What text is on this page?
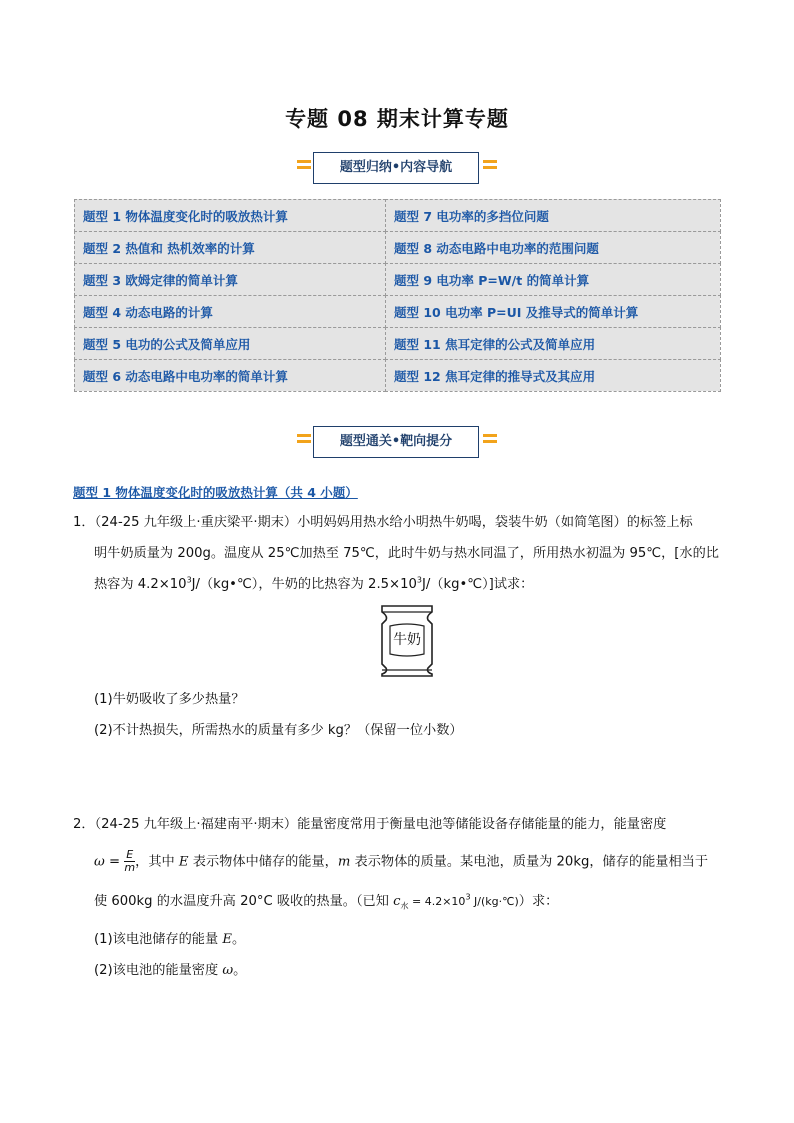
专题 08 期末计算专题
题型归纳•内容导航
题型 1 物体温度变化时的吸放热计算	题型 7 电功率的多挡位问题
题型 2 热值和 热机效率的计算	题型 8 动态电路中电功率的范围问题
题型 3 欧姆定律的简单计算	题型 9 电功率 P=W/t 的简单计算
题型 4 动态电路的计算	题型 10 电功率 P=UI 及推导式的简单计算
题型 5 电功的公式及简单应用	题型 11 焦耳定律的公式及简单应用
题型 6 动态电路中电功率的简单计算	题型 12 焦耳定律的推导式及其应用
题型通关•靶向提分
题型 1 物体温度变化时的吸放热计算（共 4 小题）
1．（24-25 九年级上·重庆梁平·期末）小明妈妈用热水给小明热牛奶喝，袋装牛奶（如简笔图）的标签上标
明牛奶质量为 200g。温度从 25℃加热至 75℃，此时牛奶与热水同温了，所用热水初温为 95℃，[水的比
热容为 $4.2\times 10^3J/(kg•℃)$，牛奶的比热容为 $2.5\times 10^3J/(kg•℃)$]试求：
牛奶
(1)牛奶吸收了多少热量？
(2)不计热损失，所需热水的质量有多少 kg？（保留一位小数）
2．（24-25 九年级上·福建南平·期末）能量密度常用于衡量电池等储能设备存储能量的能力，能量密度
$\omega = \frac{E}{m}$ ，其中 E 表示物体中储存的能量，m 表示物体的质量。某电池，质量为 20kg，储存的能量相当于
使 600kg 的水温度升高 20°C 吸收的热量。（已知 $c_水 = 4.2\times 10^3$ J/(kg·℃)）求：
(1)该电池储存的能量 E。
(2)该电池的能量密度 ω。
